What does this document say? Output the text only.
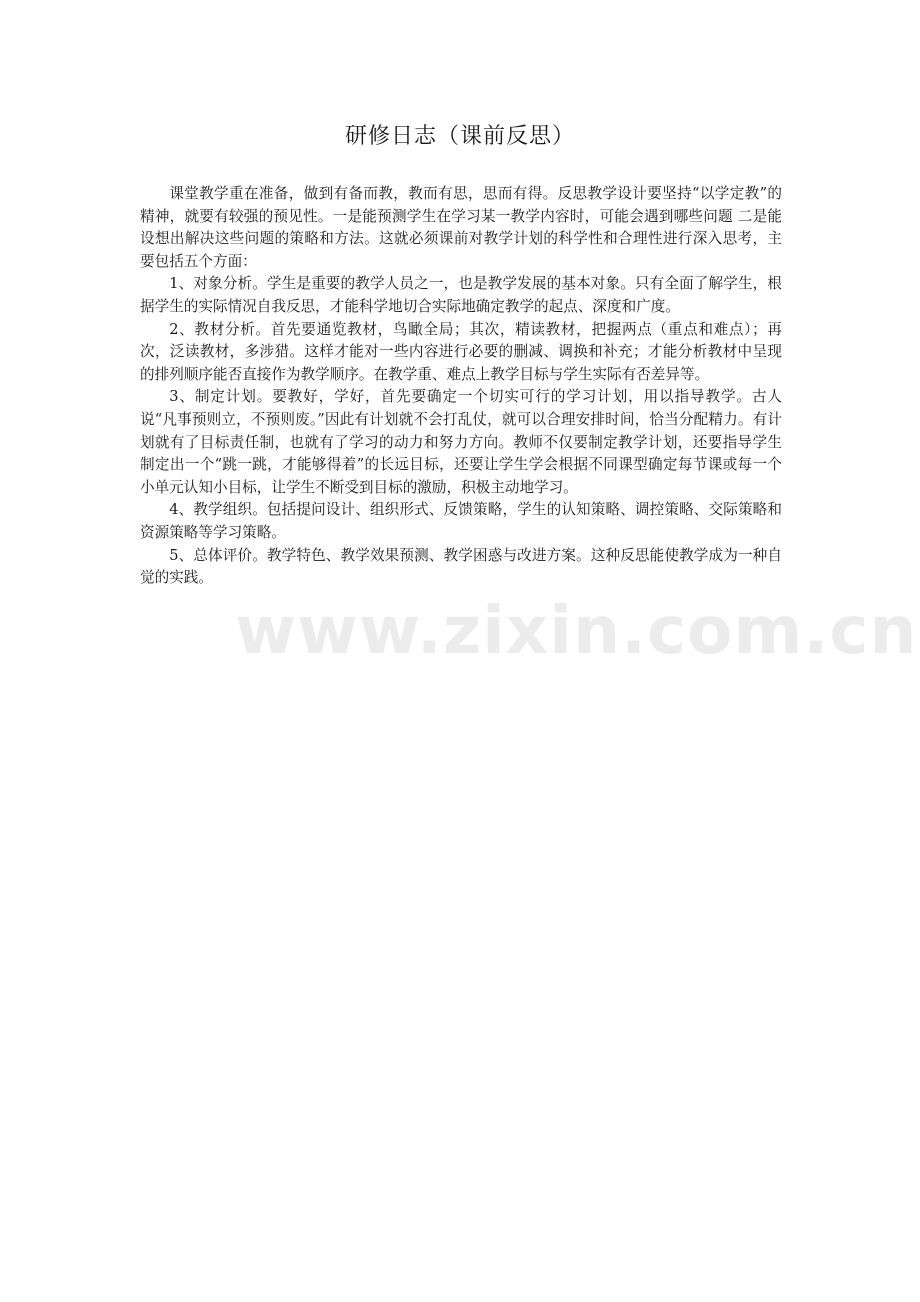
研修日志（课前反思）

课堂教学重在准备，做到有备而教，教而有思，思而有得。反思教学设计要坚持“以学定教”的精神，就要有较强的预见性。一是能预测学生在学习某一教学内容时，可能会遇到哪些问题 二是能设想出解决这些问题的策略和方法。这就必须课前对教学计划的科学性和合理性进行深入思考，主要包括五个方面：

1、对象分析。学生是重要的教学人员之一，也是教学发展的基本对象。只有全面了解学生，根据学生的实际情况自我反思，才能科学地切合实际地确定教学的起点、深度和广度。

2、教材分析。首先要通览教材，鸟瞰全局；其次，精读教材，把握两点（重点和难点）；再次，泛读教材，多涉猎。这样才能对一些内容进行必要的删减、调换和补充；才能分析教材中呈现的排列顺序能否直接作为教学顺序。在教学重、难点上教学目标与学生实际有否差异等。

3、制定计划。要教好，学好，首先要确定一个切实可行的学习计划，用以指导教学。古人说“凡事预则立，不预则废。”因此有计划就不会打乱仗，就可以合理安排时间，恰当分配精力。有计划就有了目标责任制，也就有了学习的动力和努力方向。教师不仅要制定教学计划，还要指导学生制定出一个“跳一跳，才能够得着”的长远目标，还要让学生学会根据不同课型确定每节课或每一个小单元认知小目标，让学生不断受到目标的激励，积极主动地学习。

4、教学组织。包括提问设计、组织形式、反馈策略，学生的认知策略、调控策略、交际策略和资源策略等学习策略。

5、总体评价。教学特色、教学效果预测、教学困惑与改进方案。这种反思能使教学成为一种自觉的实践。

www.zixin.com.cn
